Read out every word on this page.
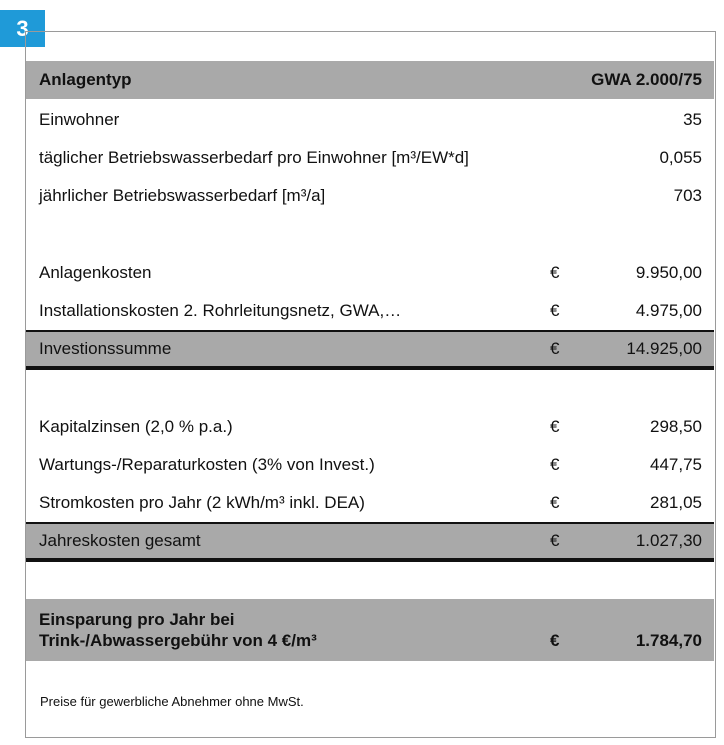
3
Anlagentyp	GWA 2.000/75
Einwohner	35
täglicher Betriebswasserbedarf pro Einwohner [m³/EW*d]	0,055
jährlicher Betriebswasserbedarf [m³/a]	703
Anlagenkosten	€	9.950,00
Installationskosten 2. Rohrleitungsnetz, GWA,…	€	4.975,00
Investionssumme	€	14.925,00
Kapitalzinsen (2,0 % p.a.)	€	298,50
Wartungs-/Reparaturkosten (3% von Invest.)	€	447,75
Stromkosten pro Jahr (2 kWh/m³ inkl. DEA)	€	281,05
Jahreskosten gesamt	€	1.027,30
Einsparung pro Jahr bei
Trink-/Abwassergebühr von 4 €/m³	€	1.784,70
Preise für gewerbliche Abnehmer ohne MwSt.
